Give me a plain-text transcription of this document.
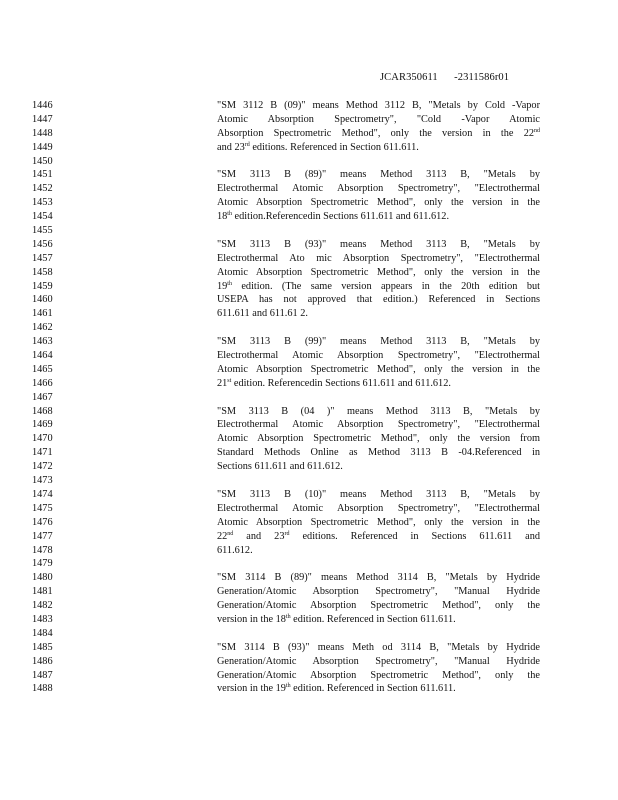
JCAR350611 -2311586r01
1446
1447
1448
1449
1450
1451
1452
1453
1454
1455
1456
1457
1458
1459
1460
1461
1462
1463
1464
1465
1466
1467
1468
1469
1470
1471
1472
1473
1474
1475
1476
1477
1478
1479
1480
1481
1482
1483
1484
1485
1486
1487
1488
"SM 3112 B (09)" means Method 3112 B, "Metals by Cold -Vapor
Atomic Absorption Spectrometry", "Cold -Vapor Atomic
Absorption Spectrometric Method", only the version in the 22nd
and 23rd editions. Referenced in Section 611.611.

"SM 3113 B (89)" means Method 3113 B, "Metals by
Electrothermal Atomic Absorption Spectrometry", "Electrothermal
Atomic Absorption Spectrometric Method", only the version in the
18th edition.Referencedin Sections 611.611 and 611.612.

"SM 3113 B (93)" means Method 3113 B, "Metals by
Electrothermal Ato mic Absorption Spectrometry", "Electrothermal
Atomic Absorption Spectrometric Method", only the version in the
19th edition. (The same version appears in the 20th edition but
USEPA has not approved that edition.) Referenced in Sections
611.611 and 611.61 2.

"SM 3113 B (99)" means Method 3113 B, "Metals by
Electrothermal Atomic Absorption Spectrometry", "Electrothermal
Atomic Absorption Spectrometric Method", only the version in the
21st edition. Referencedin Sections 611.611 and 611.612.

"SM 3113 B (04 )" means Method 3113 B, "Metals by
Electrothermal Atomic Absorption Spectrometry", "Electrothermal
Atomic Absorption Spectrometric Method", only the version from
Standard Methods Online as Method 3113 B -04.Referenced in
Sections 611.611 and 611.612.

"SM 3113 B (10)" means Method 3113 B, "Metals by
Electrothermal Atomic Absorption Spectrometry", "Electrothermal
Atomic Absorption Spectrometric Method", only the version in the
22nd and 23rd editions. Referenced in Sections 611.611 and
611.612.

"SM 3114 B (89)" means Method 3114 B, "Metals by Hydride
Generation/Atomic Absorption Spectrometry", "Manual Hydride
Generation/Atomic Absorption Spectrometric Method", only the
version in the 18th edition. Referenced in Section 611.611.

"SM 3114 B (93)" means Meth od 3114 B, "Metals by Hydride
Generation/Atomic Absorption Spectrometry", "Manual Hydride
Generation/Atomic Absorption Spectrometric Method", only the
version in the 19th edition. Referenced in Section 611.611.
